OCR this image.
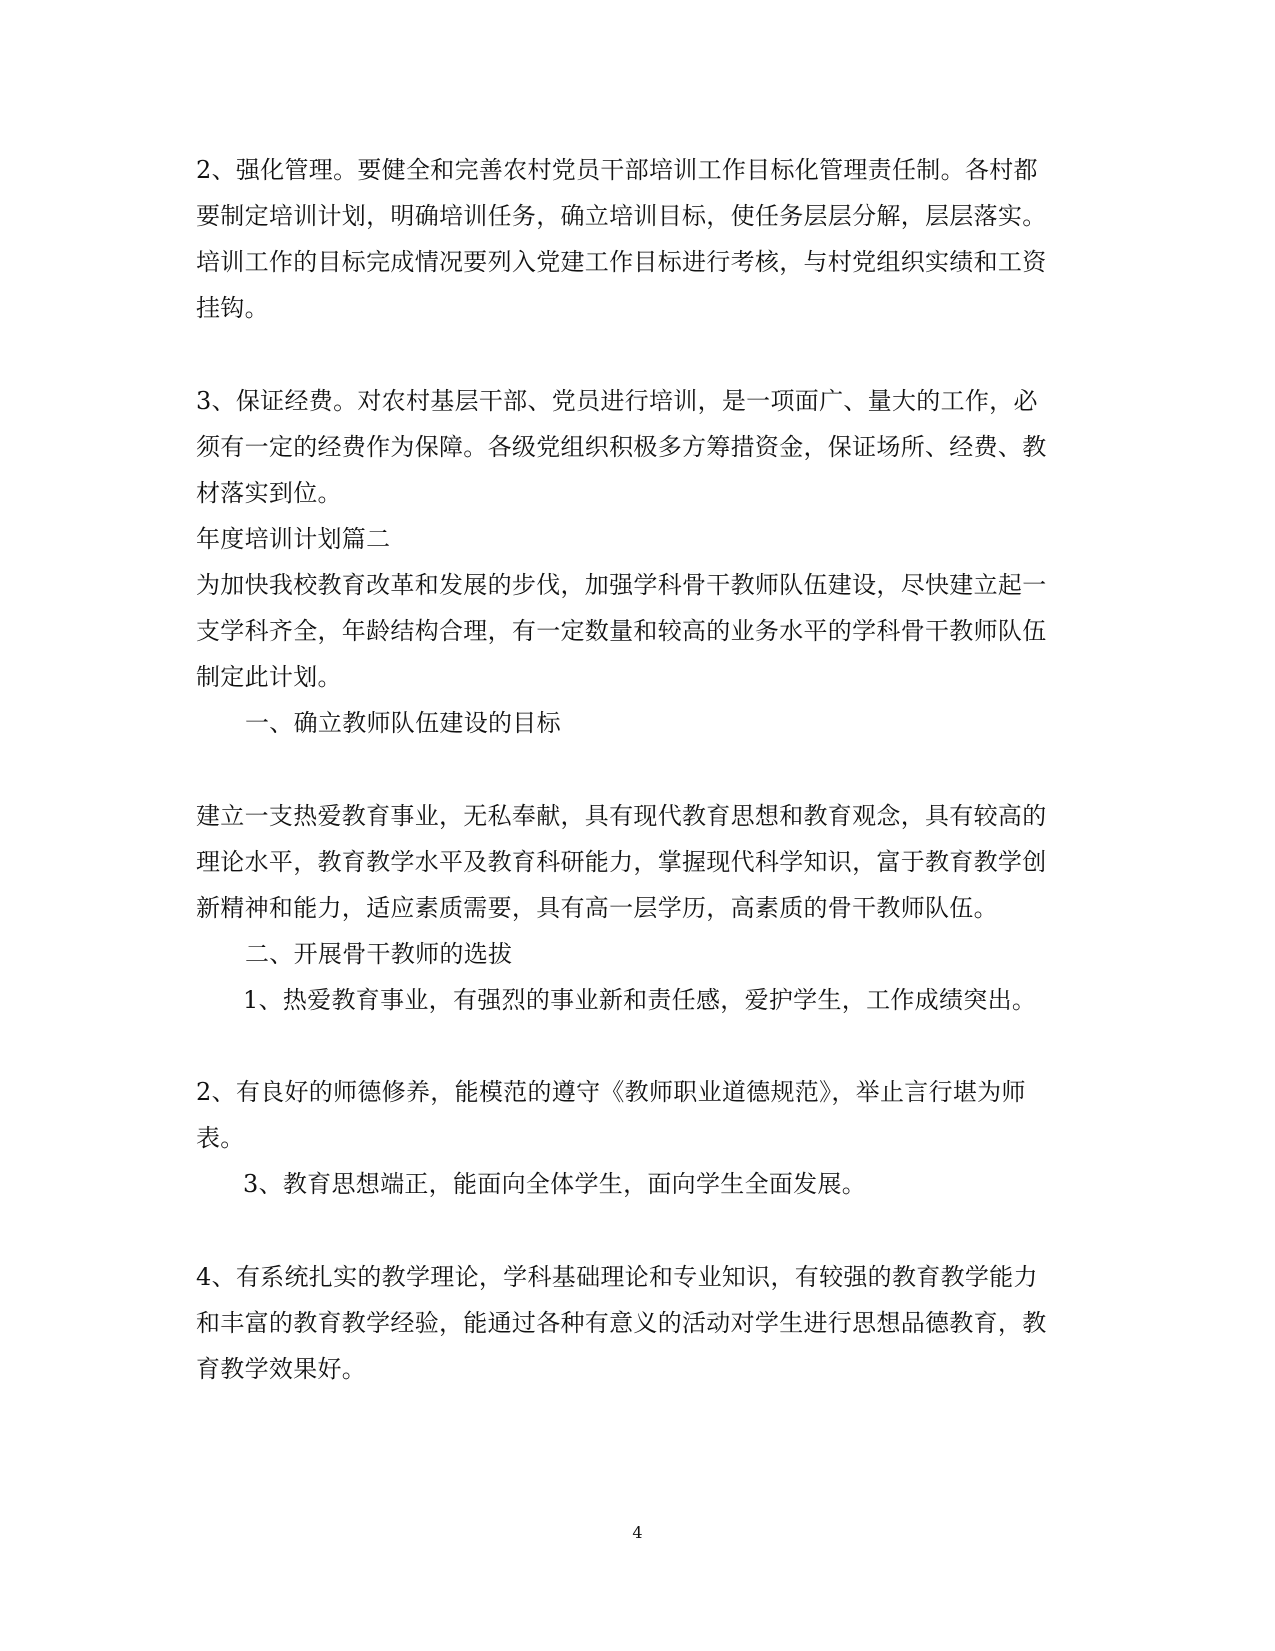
2、强化管理。要健全和完善农村党员干部培训工作目标化管理责任制。各村都
要制定培训计划，明确培训任务，确立培训目标，使任务层层分解，层层落实。
培训工作的目标完成情况要列入党建工作目标进行考核，与村党组织实绩和工资
挂钩。
3、保证经费。对农村基层干部、党员进行培训，是一项面广、量大的工作，必
须有一定的经费作为保障。各级党组织积极多方筹措资金，保证场所、经费、教
材落实到位。
年度培训计划篇二
为加快我校教育改革和发展的步伐，加强学科骨干教师队伍建设，尽快建立起一
支学科齐全，年龄结构合理，有一定数量和较高的业务水平的学科骨干教师队伍
制定此计划。
一、确立教师队伍建设的目标
建立一支热爱教育事业，无私奉献，具有现代教育思想和教育观念，具有较高的
理论水平，教育教学水平及教育科研能力，掌握现代科学知识，富于教育教学创
新精神和能力，适应素质需要，具有高一层学历，高素质的骨干教师队伍。
二、开展骨干教师的选拔
1、热爱教育事业，有强烈的事业新和责任感，爱护学生，工作成绩突出。
2、有良好的师德修养，能模范的遵守《教师职业道德规范》，举止言行堪为师
表。
3、教育思想端正，能面向全体学生，面向学生全面发展。
4、有系统扎实的教学理论，学科基础理论和专业知识，有较强的教育教学能力
和丰富的教育教学经验，能通过各种有意义的活动对学生进行思想品德教育，教
育教学效果好。
4
